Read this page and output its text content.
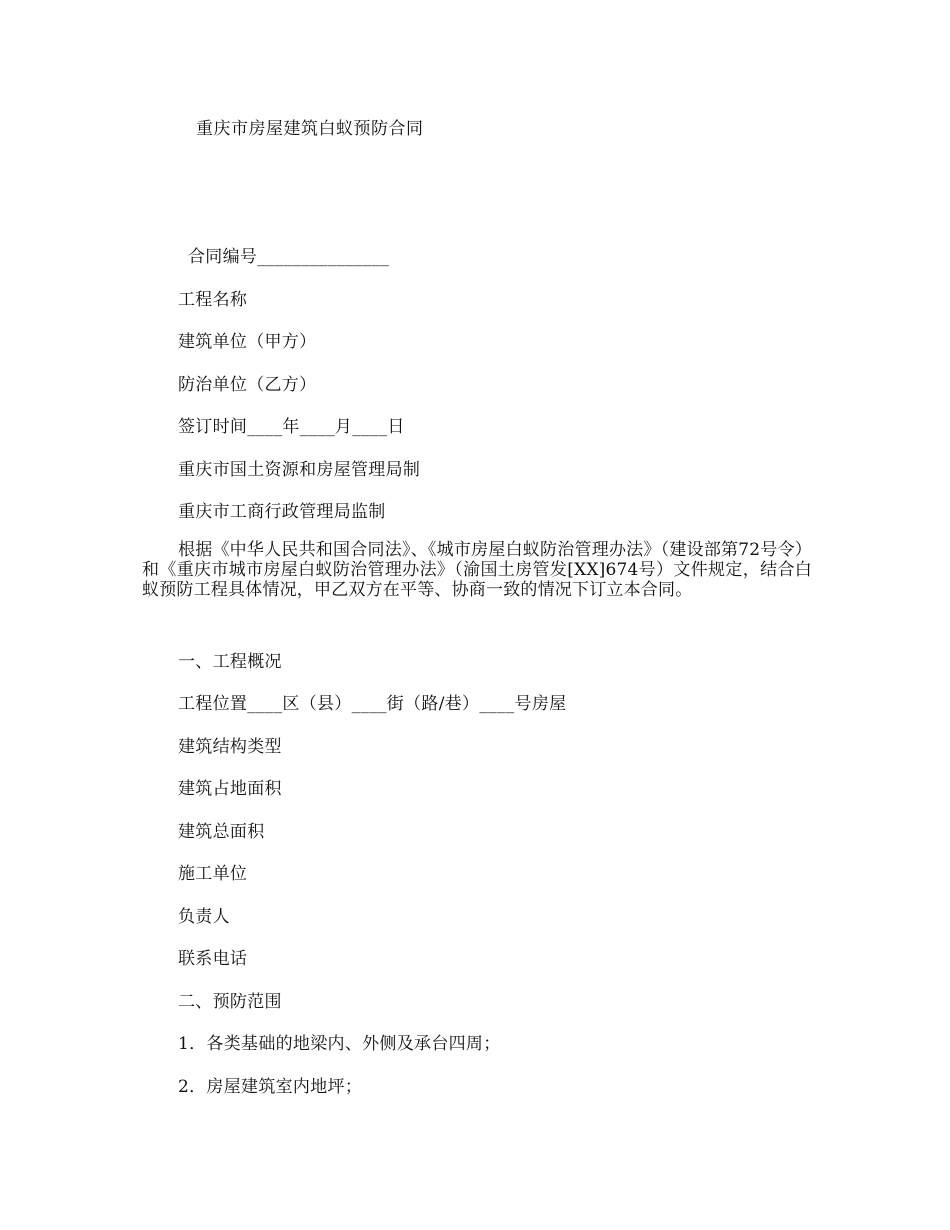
重庆市房屋建筑白蚁预防合同
合同编号_______________
工程名称
建筑单位（甲方）
防治单位（乙方）
签订时间____年____月____日
重庆市国土资源和房屋管理局制
重庆市工商行政管理局监制
根据《中华人民共和国合同法》、《城市房屋白蚁防治管理办法》（建设部第72号令）和《重庆市城市房屋白蚁防治管理办法》（渝国土房管发[XX]674号）文件规定，结合白蚁预防工程具体情况，甲乙双方在平等、协商一致的情况下订立本合同。
一、工程概况
工程位置____区（县）____街（路/巷）____号房屋
建筑结构类型
建筑占地面积
建筑总面积
施工单位
负责人
联系电话
二、预防范围
1．各类基础的地梁内、外侧及承台四周；
2．房屋建筑室内地坪；
